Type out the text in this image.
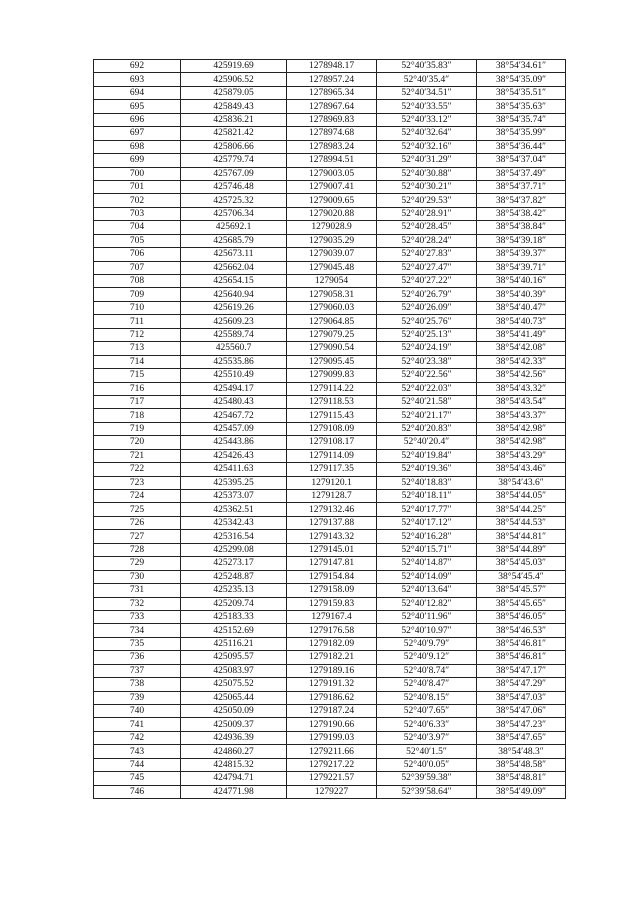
692	425919.69	1278948.17	52°40′35.83″	38°54′34.61″
693	425906.52	1278957.24	52°40′35.4″	38°54′35.09″
694	425879.05	1278965.34	52°40′34.51″	38°54′35.51″
695	425849.43	1278967.64	52°40′33.55″	38°54′35.63″
696	425836.21	1278969.83	52°40′33.12″	38°54′35.74″
697	425821.42	1278974.68	52°40′32.64″	38°54′35.99″
698	425806.66	1278983.24	52°40′32.16″	38°54′36.44″
699	425779.74	1278994.51	52°40′31.29″	38°54′37.04″
700	425767.09	1279003.05	52°40′30.88″	38°54′37.49″
701	425746.48	1279007.41	52°40′30.21″	38°54′37.71″
702	425725.32	1279009.65	52°40′29.53″	38°54′37.82″
703	425706.34	1279020.88	52°40′28.91″	38°54′38.42″
704	425692.1	1279028.9	52°40′28.45″	38°54′38.84″
705	425685.79	1279035.29	52°40′28.24″	38°54′39.18″
706	425673.11	1279039.07	52°40′27.83″	38°54′39.37″
707	425662.04	1279045.48	52°40′27.47″	38°54′39.71″
708	425654.15	1279054	52°40′27.22″	38°54′40.16″
709	425640.94	1279058.31	52°40′26.79″	38°54′40.39″
710	425619.26	1279060.03	52°40′26.09″	38°54′40.47″
711	425609.23	1279064.85	52°40′25.76″	38°54′40.73″
712	425589.74	1279079.25	52°40′25.13″	38°54′41.49″
713	425560.7	1279090.54	52°40′24.19″	38°54′42.08″
714	425535.86	1279095.45	52°40′23.38″	38°54′42.33″
715	425510.49	1279099.83	52°40′22.56″	38°54′42.56″
716	425494.17	1279114.22	52°40′22.03″	38°54′43.32″
717	425480.43	1279118.53	52°40′21.58″	38°54′43.54″
718	425467.72	1279115.43	52°40′21.17″	38°54′43.37″
719	425457.09	1279108.09	52°40′20.83″	38°54′42.98″
720	425443.86	1279108.17	52°40′20.4″	38°54′42.98″
721	425426.43	1279114.09	52°40′19.84″	38°54′43.29″
722	425411.63	1279117.35	52°40′19.36″	38°54′43.46″
723	425395.25	1279120.1	52°40′18.83″	38°54′43.6″
724	425373.07	1279128.7	52°40′18.11″	38°54′44.05″
725	425362.51	1279132.46	52°40′17.77″	38°54′44.25″
726	425342.43	1279137.88	52°40′17.12″	38°54′44.53″
727	425316.54	1279143.32	52°40′16.28″	38°54′44.81″
728	425299.08	1279145.01	52°40′15.71″	38°54′44.89″
729	425273.17	1279147.81	52°40′14.87″	38°54′45.03″
730	425248.87	1279154.84	52°40′14.09″	38°54′45.4″
731	425235.13	1279158.09	52°40′13.64″	38°54′45.57″
732	425209.74	1279159.83	52°40′12.82″	38°54′45.65″
733	425183.33	1279167.4	52°40′11.96″	38°54′46.05″
734	425152.69	1279176.58	52°40′10.97″	38°54′46.53″
735	425116.21	1279182.09	52°40′9.79″	38°54′46.81″
736	425095.57	1279182.21	52°40′9.12″	38°54′46.81″
737	425083.97	1279189.16	52°40′8.74″	38°54′47.17″
738	425075.52	1279191.32	52°40′8.47″	38°54′47.29″
739	425065.44	1279186.62	52°40′8.15″	38°54′47.03″
740	425050.09	1279187.24	52°40′7.65″	38°54′47.06″
741	425009.37	1279190.66	52°40′6.33″	38°54′47.23″
742	424936.39	1279199.03	52°40′3.97″	38°54′47.65″
743	424860.27	1279211.66	52°40′1.5″	38°54′48.3″
744	424815.32	1279217.22	52°40′0.05″	38°54′48.58″
745	424794.71	1279221.57	52°39′59.38″	38°54′48.81″
746	424771.98	1279227	52°39′58.64″	38°54′49.09″
